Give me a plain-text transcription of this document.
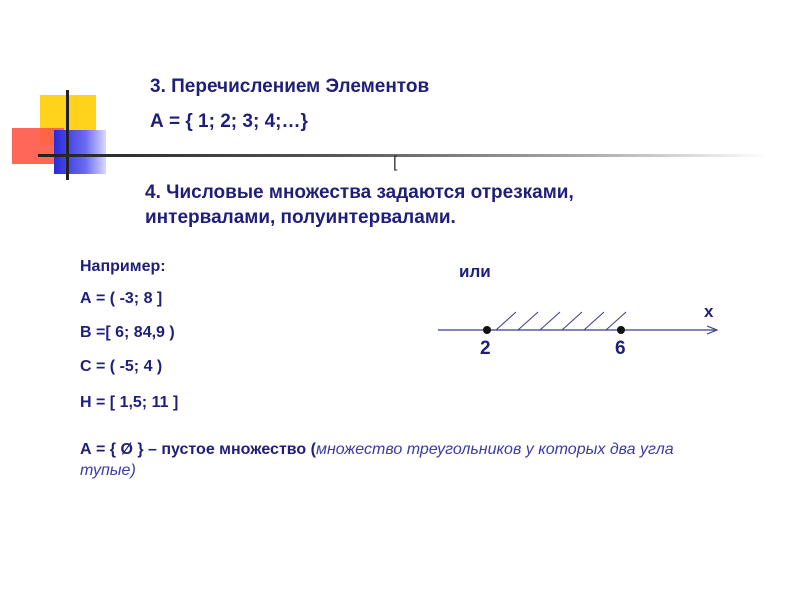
3. Перечислением Элементов
А = { 1; 2; 3; 4;…}
[
4. Числовые множества задаются отрезками, интервалами, полуинтервалами.
Например:
А = ( -3; 8 ]
В =[ 6; 84,9 )
С = ( -5; 4 )
Н = [ 1,5; 11 ]
или
x
2	6
А = { Ø } – пустое множество (множество треугольников у которых два угла тупые)
